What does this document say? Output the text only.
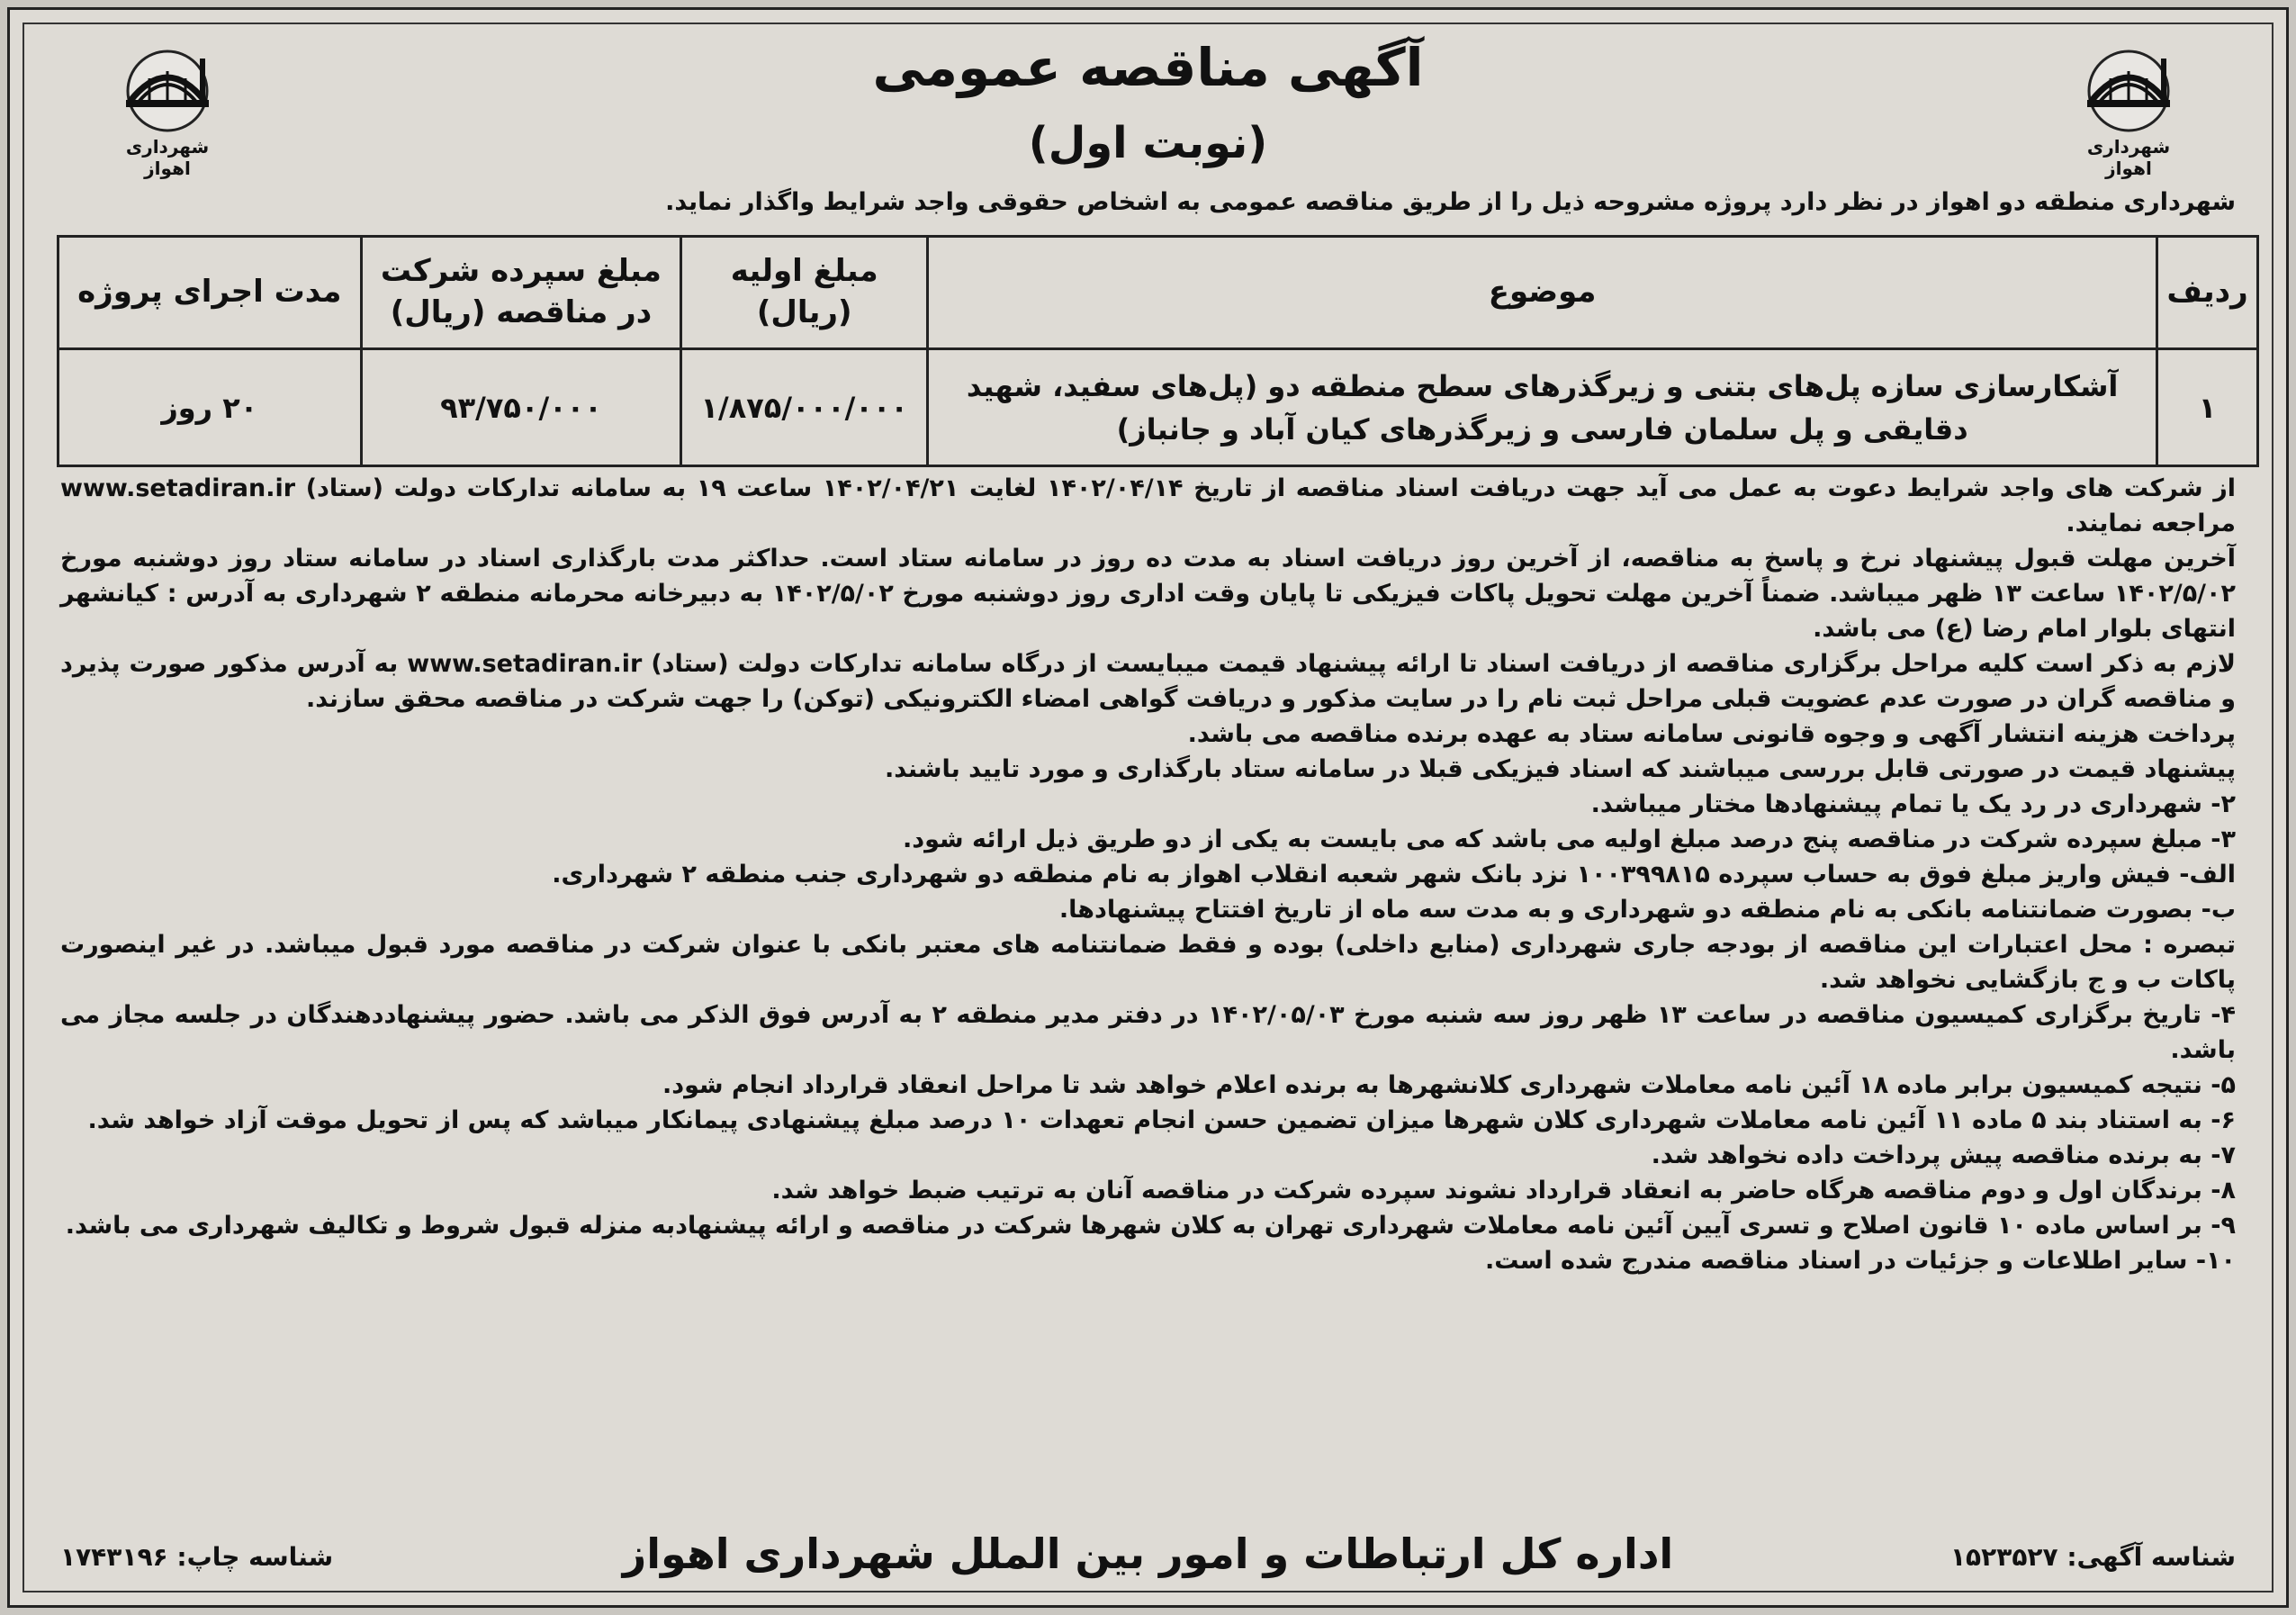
شهرداری اهواز
شهرداری اهواز
آگهی مناقصه عمومی
(نوبت اول)
شهرداری منطقه دو اهواز در نظر دارد پروژه مشروحه ذیل را از طریق مناقصه عمومی به اشخاص حقوقی واجد شرایط واگذار نماید.
ردیف	موضوع	مبلغ اولیه (ریال)	مبلغ سپرده شرکت در مناقصه (ریال)	مدت اجرای پروژه
۱	آشکارسازی سازه پل‌های بتنی و زیرگذرهای سطح منطقه دو (پل‌های سفید، شهید دقایقی و پل سلمان فارسی و زیرگذرهای کیان آباد و جانباز)	۱/۸۷۵/۰۰۰/۰۰۰	۹۳/۷۵۰/۰۰۰	۲۰ روز

از شرکت های واجد شرایط دعوت به عمل می آید جهت دریافت اسناد مناقصه از تاریخ ۱۴۰۲/۰۴/۱۴ لغایت ۱۴۰۲/۰۴/۲۱ ساعت ۱۹ به سامانه تدارکات دولت (ستاد) www.setadiran.ir مراجعه نمایند.

آخرین مهلت قبول پیشنهاد نرخ و پاسخ به مناقصه، از آخرین روز دریافت اسناد به مدت ده روز در سامانه ستاد است. حداکثر مدت بارگذاری اسناد در سامانه ستاد روز دوشنبه مورخ ۱۴۰۲/۵/۰۲ ساعت ۱۳ ظهر میباشد. ضمناً آخرین مهلت تحویل پاکات فیزیکی تا پایان وقت اداری روز دوشنبه مورخ ۱۴۰۲/۵/۰۲ به دبیرخانه محرمانه منطقه ۲ شهرداری به آدرس : کیانشهر انتهای بلوار امام رضا (ع) می باشد.

لازم به ذکر است کلیه مراحل برگزاری مناقصه از دریافت اسناد تا ارائه پیشنهاد قیمت میبایست از درگاه سامانه تدارکات دولت (ستاد) www.setadiran.ir به آدرس مذکور صورت پذیرد و مناقصه گران در صورت عدم عضویت قبلی مراحل ثبت نام را در سایت مذکور و دریافت گواهی امضاء الکترونیکی (توکن) را جهت شرکت در مناقصه محقق سازند.

پرداخت هزینه انتشار آگهی و وجوه قانونی سامانه ستاد به عهده برنده مناقصه می باشد.

پیشنهاد قیمت در صورتی قابل بررسی میباشند که اسناد فیزیکی قبلا در سامانه ستاد بارگذاری و مورد تایید باشند.

۲- شهرداری در رد یک یا تمام پیشنهادها مختار میباشد.

۳- مبلغ سپرده شرکت در مناقصه پنج درصد مبلغ اولیه می باشد که می بایست به یکی از دو طریق ذیل ارائه شود.

الف- فیش واریز مبلغ فوق به حساب سپرده ۱۰۰۳۹۹۸۱۵ نزد بانک شهر شعبه انقلاب اهواز به نام منطقه دو شهرداری جنب منطقه ۲ شهرداری.

ب- بصورت ضمانتنامه بانکی به نام منطقه دو شهرداری و به مدت سه ماه از تاریخ افتتاح پیشنهادها.

تبصره : محل اعتبارات این مناقصه از بودجه جاری شهرداری (منابع داخلی) بوده و فقط ضمانتنامه های معتبر بانکی با عنوان شرکت در مناقصه مورد قبول میباشد. در غیر اینصورت پاکات ب و ج بازگشایی نخواهد شد.

۴- تاریخ برگزاری کمیسیون مناقصه در ساعت ۱۳ ظهر روز سه شنبه مورخ ۱۴۰۲/۰۵/۰۳ در دفتر مدیر منطقه ۲ به آدرس فوق الذکر می باشد. حضور پیشنهاددهندگان در جلسه مجاز می باشد.

۵- نتیجه کمیسیون برابر ماده ۱۸ آئین نامه معاملات شهرداری کلانشهرها به برنده اعلام خواهد شد تا مراحل انعقاد قرارداد انجام شود.

۶- به استناد بند ۵ ماده ۱۱ آئین نامه معاملات شهرداری کلان شهرها میزان تضمین حسن انجام تعهدات ۱۰ درصد مبلغ پیشنهادی پیمانکار میباشد که پس از تحویل موقت آزاد خواهد شد.

۷- به برنده مناقصه پیش پرداخت داده نخواهد شد.

۸- برندگان اول و دوم مناقصه هرگاه حاضر به انعقاد قرارداد نشوند سپرده شرکت در مناقصه آنان به ترتیب ضبط خواهد شد.

۹- بر اساس ماده ۱۰ قانون اصلاح و تسری آیین آئین نامه معاملات شهرداری تهران به کلان شهرها شرکت در مناقصه و ارائه پیشنهادبه منزله قبول شروط و تکالیف شهرداری می باشد.

۱۰- سایر اطلاعات و جزئیات در اسناد مناقصه مندرج شده است.

شناسه آگهی: ۱۵۲۳۵۲۷
اداره کل ارتباطات و امور بین الملل شهرداری اهواز
شناسه چاپ: ۱۷۴۳۱۹۶
